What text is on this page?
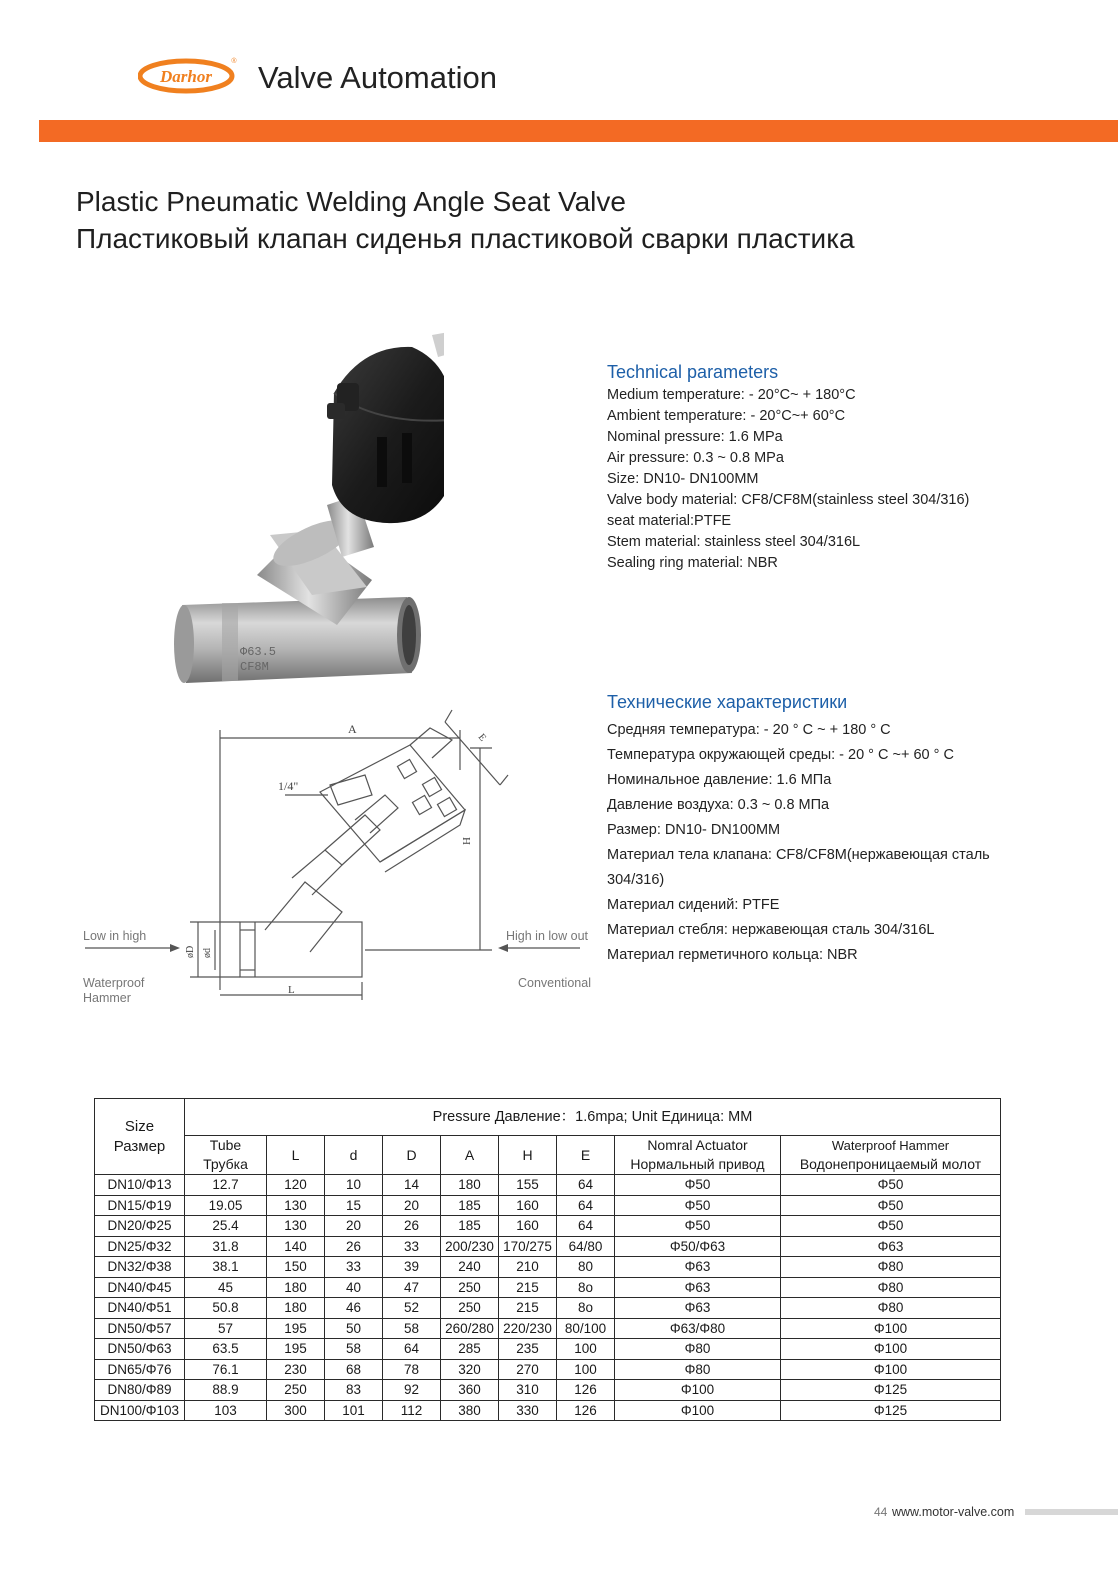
Darhor
® Valve Automation
Plastic Pneumatic Welding Angle Seat Valve
Пластиковый клапан сиденья пластиковой сварки пластика
Φ63.5
CF8M
A
E
H
L
øD ød
1/4"
Low in high	High in low out
Waterproof
Hammer
Conventional
Technical parameters
Medium temperature: - 20°C~ + 180°C
Ambient temperature: - 20°C~+ 60°C
Nominal pressure: 1.6 MPa
Air pressure: 0.3 ~ 0.8 MPa
Size: DN10- DN100MM
Valve body material: CF8/CF8M(stainless steel 304/316)
seat material:PTFE
Stem material: stainless steel 304/316L
Sealing ring material: NBR
Технические характеристики
Средняя температура: - 20 ° C ~ + 180 ° C
Температура окружающей среды: - 20 ° C ~+ 60 ° C
Номинальное давление: 1.6 МПа
Давление воздуха: 0.3 ~ 0.8 МПа
Размер: DN10- DN100MM
Материал тела клапана: CF8/CF8M(нержавеющая сталь 304/316)
Материал сидений: PTFE
Материал стебля: нержавеющая сталь 304/316L
Материал герметичного кольца: NBR
Size
Размер	Pressure Давление：1.6mpa; Unit Единица: MM								
	Tube
Трубка	L	d	D	A	H	E	Nomral Actuator
Нормальный привод	Waterproof Hammer
Водонепроницаемый молот
DN10/Φ13	12.7	120	10	14	180	155	64	Φ50	Φ50
DN15/Φ19	19.05	130	15	20	185	160	64	Φ50	Φ50
DN20/Φ25	25.4	130	20	26	185	160	64	Φ50	Φ50
DN25/Φ32	31.8	140	26	33	200/230	170/275	64/80	Φ50/Φ63	Φ63
DN32/Φ38	38.1	150	33	39	240	210	80	Φ63	Φ80
DN40/Φ45	45	180	40	47	250	215	8o	Φ63	Φ80
DN40/Φ51	50.8	180	46	52	250	215	8o	Φ63	Φ80
DN50/Φ57	57	195	50	58	260/280	220/230	80/100	Φ63/Φ80	Φ100
DN50/Φ63	63.5	195	58	64	285	235	100	Φ80	Φ100
DN65/Φ76	76.1	230	68	78	320	270	100	Φ80	Φ100
DN80/Φ89	88.9	250	83	92	360	310	126	Φ100	Φ125
DN100/Φ103	103	300	101	112	380	330	126	Φ100	Φ125
44 www.motor-valve.com
